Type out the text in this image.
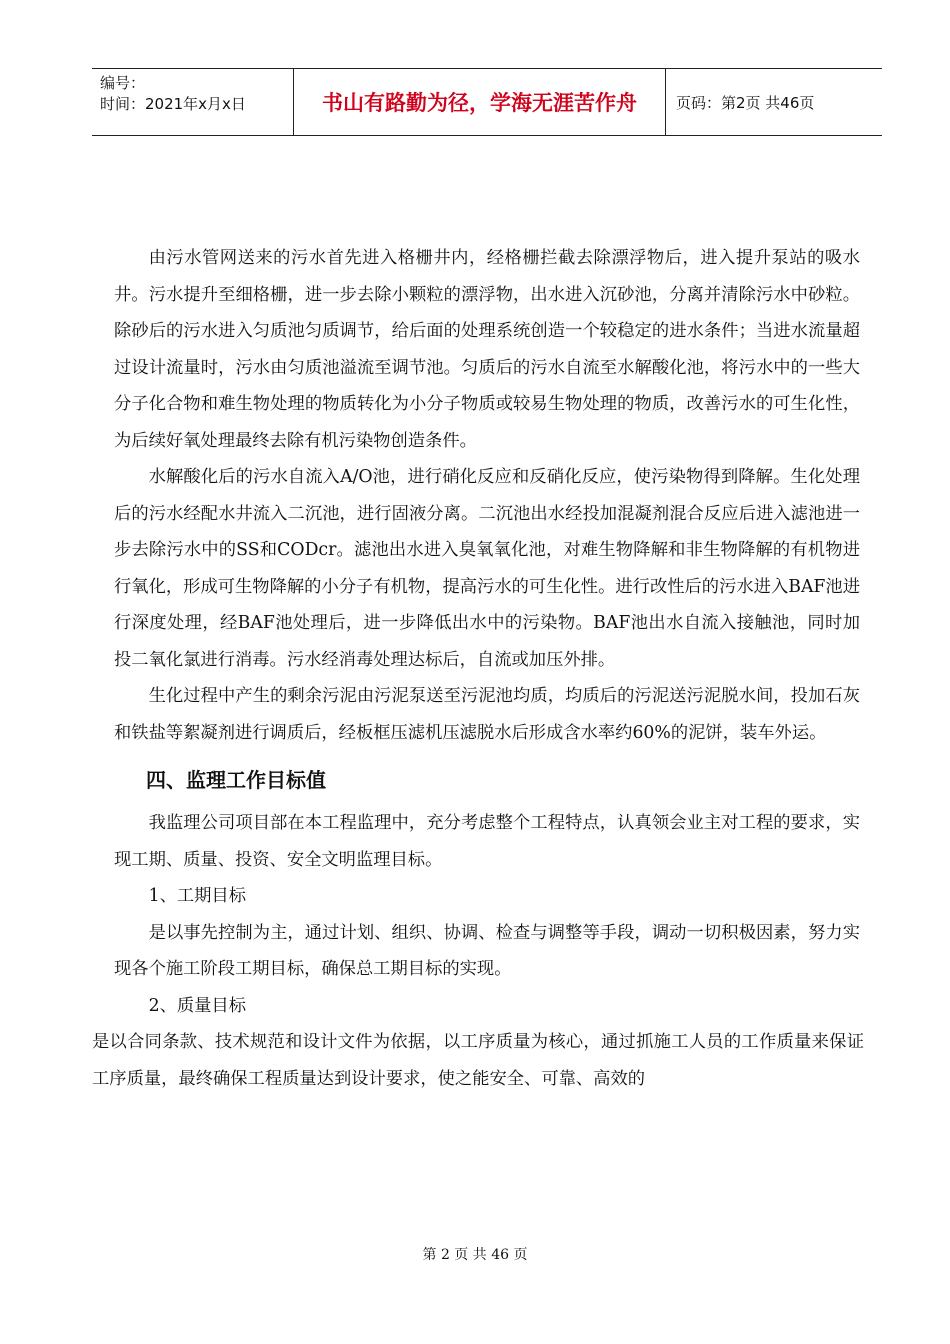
编号：
时间：2021年x月x日	书山有路勤为径，学海无涯苦作舟	页码：第2页 共46页

由污水管网送来的污水首先进入格栅井内，经格栅拦截去除漂浮物后，进入提升泵站的吸水井。污水提升至细格栅，进一步去除小颗粒的漂浮物，出水进入沉砂池，分离并清除污水中砂粒。除砂后的污水进入匀质池匀质调节，给后面的处理系统创造一个较稳定的进水条件；当进水流量超过设计流量时，污水由匀质池溢流至调节池。匀质后的污水自流至水解酸化池，将污水中的一些大分子化合物和难生物处理的物质转化为小分子物质或较易生物处理的物质，改善污水的可生化性，为后续好氧处理最终去除有机污染物创造条件。

水解酸化后的污水自流入A/O池，进行硝化反应和反硝化反应，使污染物得到降解。生化处理后的污水经配水井流入二沉池，进行固液分离。二沉池出水经投加混凝剂混合反应后进入滤池进一步去除污水中的SS和CODcr。滤池出水进入臭氧氧化池，对难生物降解和非生物降解的有机物进行氧化，形成可生物降解的小分子有机物，提高污水的可生化性。进行改性后的污水进入BAF池进行深度处理，经BAF池处理后，进一步降低出水中的污染物。BAF池出水自流入接触池，同时加投二氧化氯进行消毒。污水经消毒处理达标后，自流或加压外排。

生化过程中产生的剩余污泥由污泥泵送至污泥池均质，均质后的污泥送污泥脱水间，投加石灰和铁盐等絮凝剂进行调质后，经板框压滤机压滤脱水后形成含水率约60%的泥饼，装车外运。

四、监理工作目标值

我监理公司项目部在本工程监理中，充分考虑整个工程特点，认真领会业主对工程的要求，实现工期、质量、投资、安全文明监理目标。

1、工期目标

是以事先控制为主，通过计划、组织、协调、检查与调整等手段，调动一切积极因素，努力实现各个施工阶段工期目标，确保总工期目标的实现。

2、质量目标

是以合同条款、技术规范和设计文件为依据，以工序质量为核心，通过抓施工人员的工作质量来保证工序质量，最终确保工程质量达到设计要求，使之能安全、可靠、高效的

第 2 页 共 46 页
